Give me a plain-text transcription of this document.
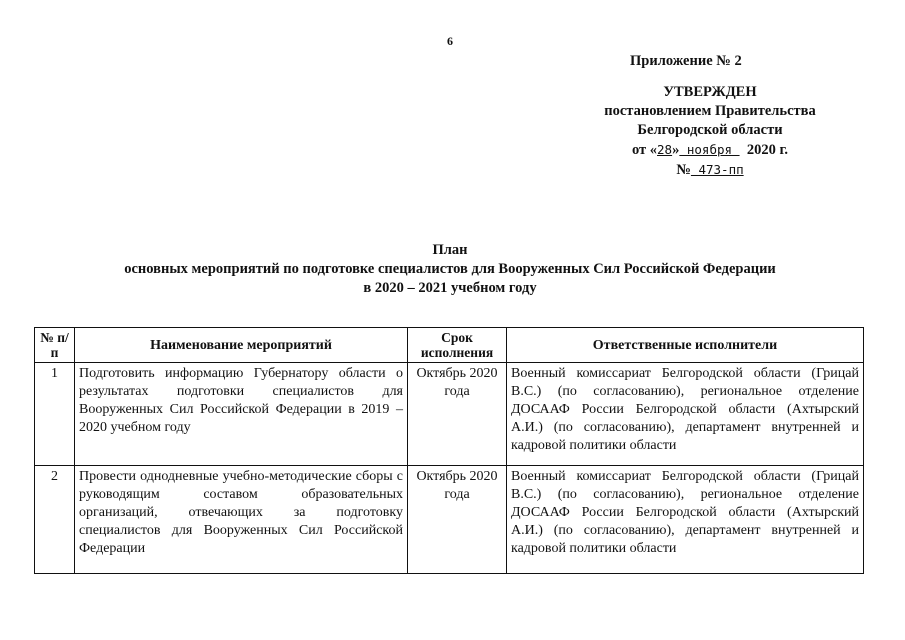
6
Приложение № 2
УТВЕРЖДЕН
постановлением Правительства
Белгородской области
от «28» ноября   2020 г.
№ 473-пп
План
основных мероприятий по подготовке специалистов для Вооруженных Сил Российской Федерации
в 2020 – 2021 учебном году
№ п/п	Наименование мероприятий	Срок исполнения	Ответственные исполнители
1	Подготовить информацию Губернатору области о результатах подготовки специалистов для Вооруженных Сил Российской Федерации в 2019 – 2020 учебном году	Октябрь 2020 года	Военный комиссариат Белгородской области (Грицай В.С.) (по согласованию), региональное отделение ДОСААФ России Белгородской области (Ахтырский А.И.) (по согласованию), департамент внутренней и кадровой политики области
2	Провести однодневные учебно-методические сборы с руководящим составом образовательных организаций, отвечающих за подготовку специалистов для Вооруженных Сил Российской Федерации	Октябрь 2020 года	Военный комиссариат Белгородской области (Грицай В.С.) (по согласованию), региональное отделение ДОСААФ России Белгородской области (Ахтырский А.И.) (по согласованию), департамент внутренней и кадровой политики области
